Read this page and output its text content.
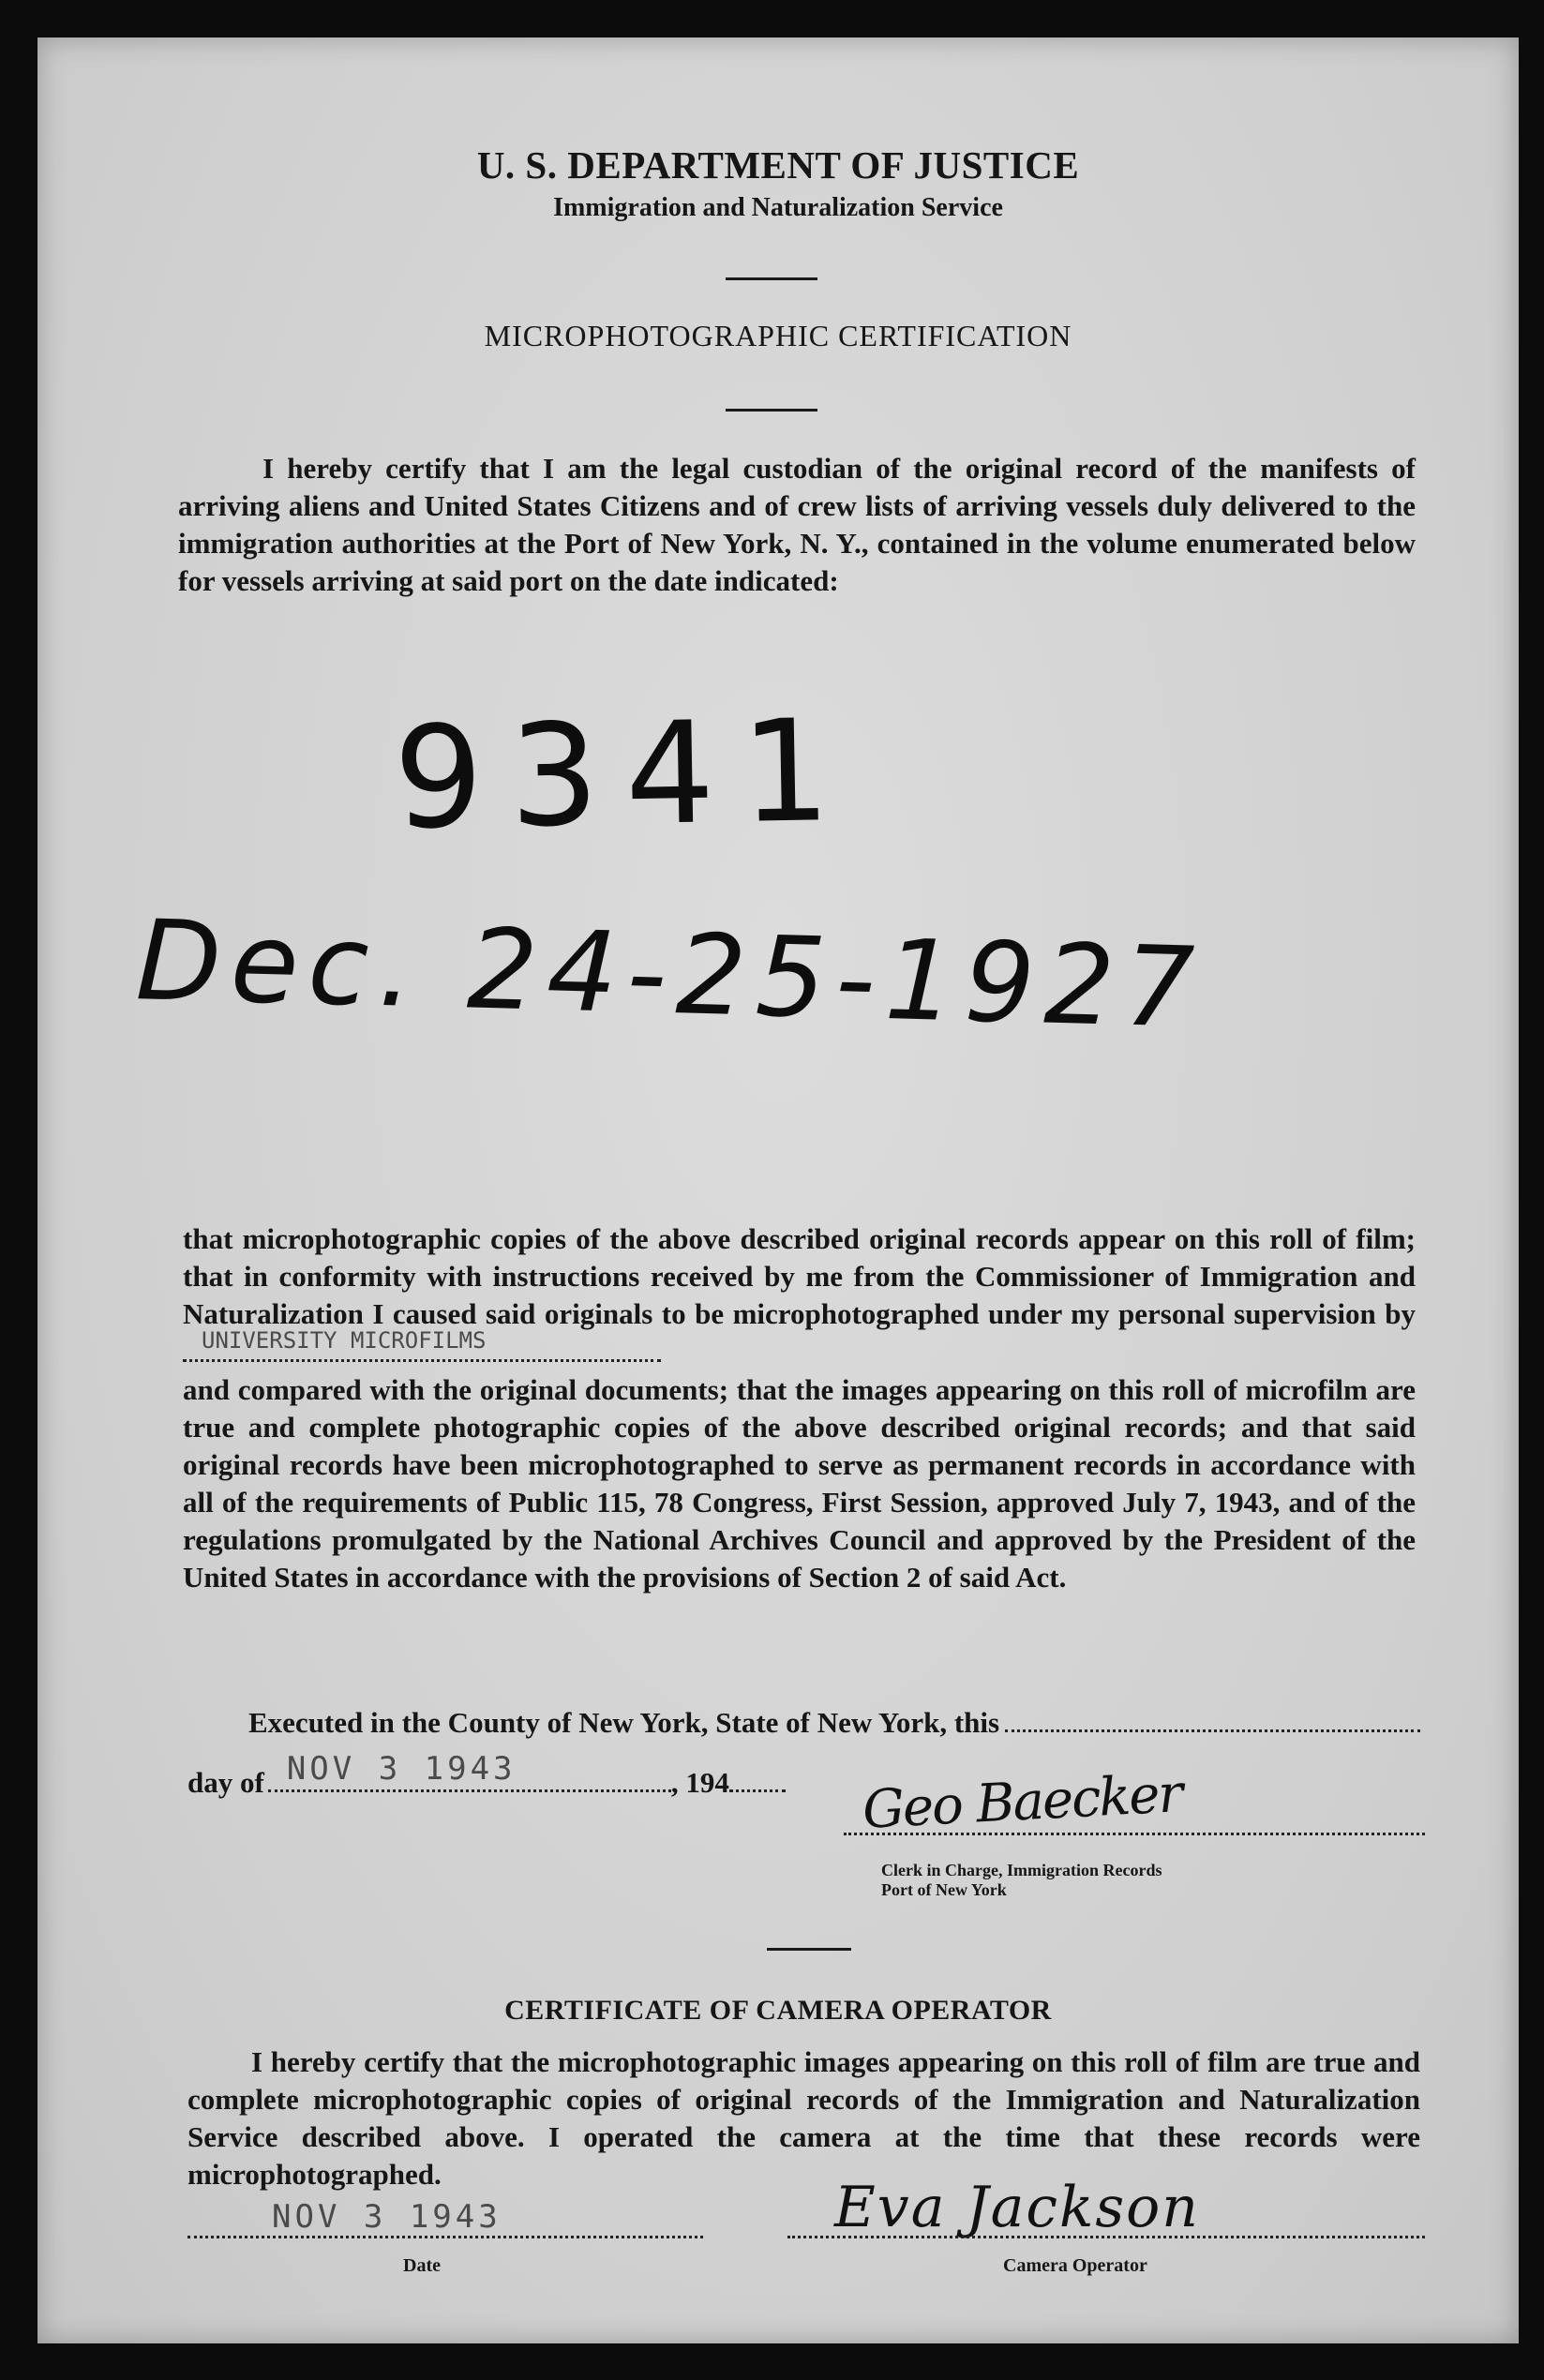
U. S. DEPARTMENT OF JUSTICE
Immigration and Naturalization Service
MICROPHOTOGRAPHIC CERTIFICATION

I hereby certify that I am the legal custodian of the original record of the manifests of arriving aliens and United States Citizens and of crew lists of arriving vessels duly delivered to the immigration authorities at the Port of New York, N. Y., contained in the volume enumerated below for vessels arriving at said port on the date indicated:

9341
Dec. 24-25-1927

that microphotographic copies of the above described original records appear on this roll of film; that in conformity with instructions received by me from the Commissioner of Immigration and Naturalization I caused said originals to be microphotographed under my personal supervision by
UNIVERSITY MICROFILMS

and compared with the original documents; that the images appearing on this roll of microfilm are true and complete photographic copies of the above described original records; and that said original records have been microphotographed to serve as permanent records in accordance with all of the requirements of Public 115, 78 Congress, First Session, approved July 7, 1943, and of the regulations promulgated by the National Archives Council and approved by the President of the United States in accordance with the provisions of Section 2 of said Act.

Executed in the County of New York, State of New York, this
day of NOV 3 1943	, 194	Geo Baecker
Clerk in Charge, Immigration Records
Port of New York
CERTIFICATE OF CAMERA OPERATOR

I hereby certify that the microphotographic images appearing on this roll of film are true and complete microphotographic copies of original records of the Immigration and Naturalization Service described above. I operated the camera at the time that these records were microphotographed.

NOV 3 1943
Date
Eva Jackson
Camera Operator
